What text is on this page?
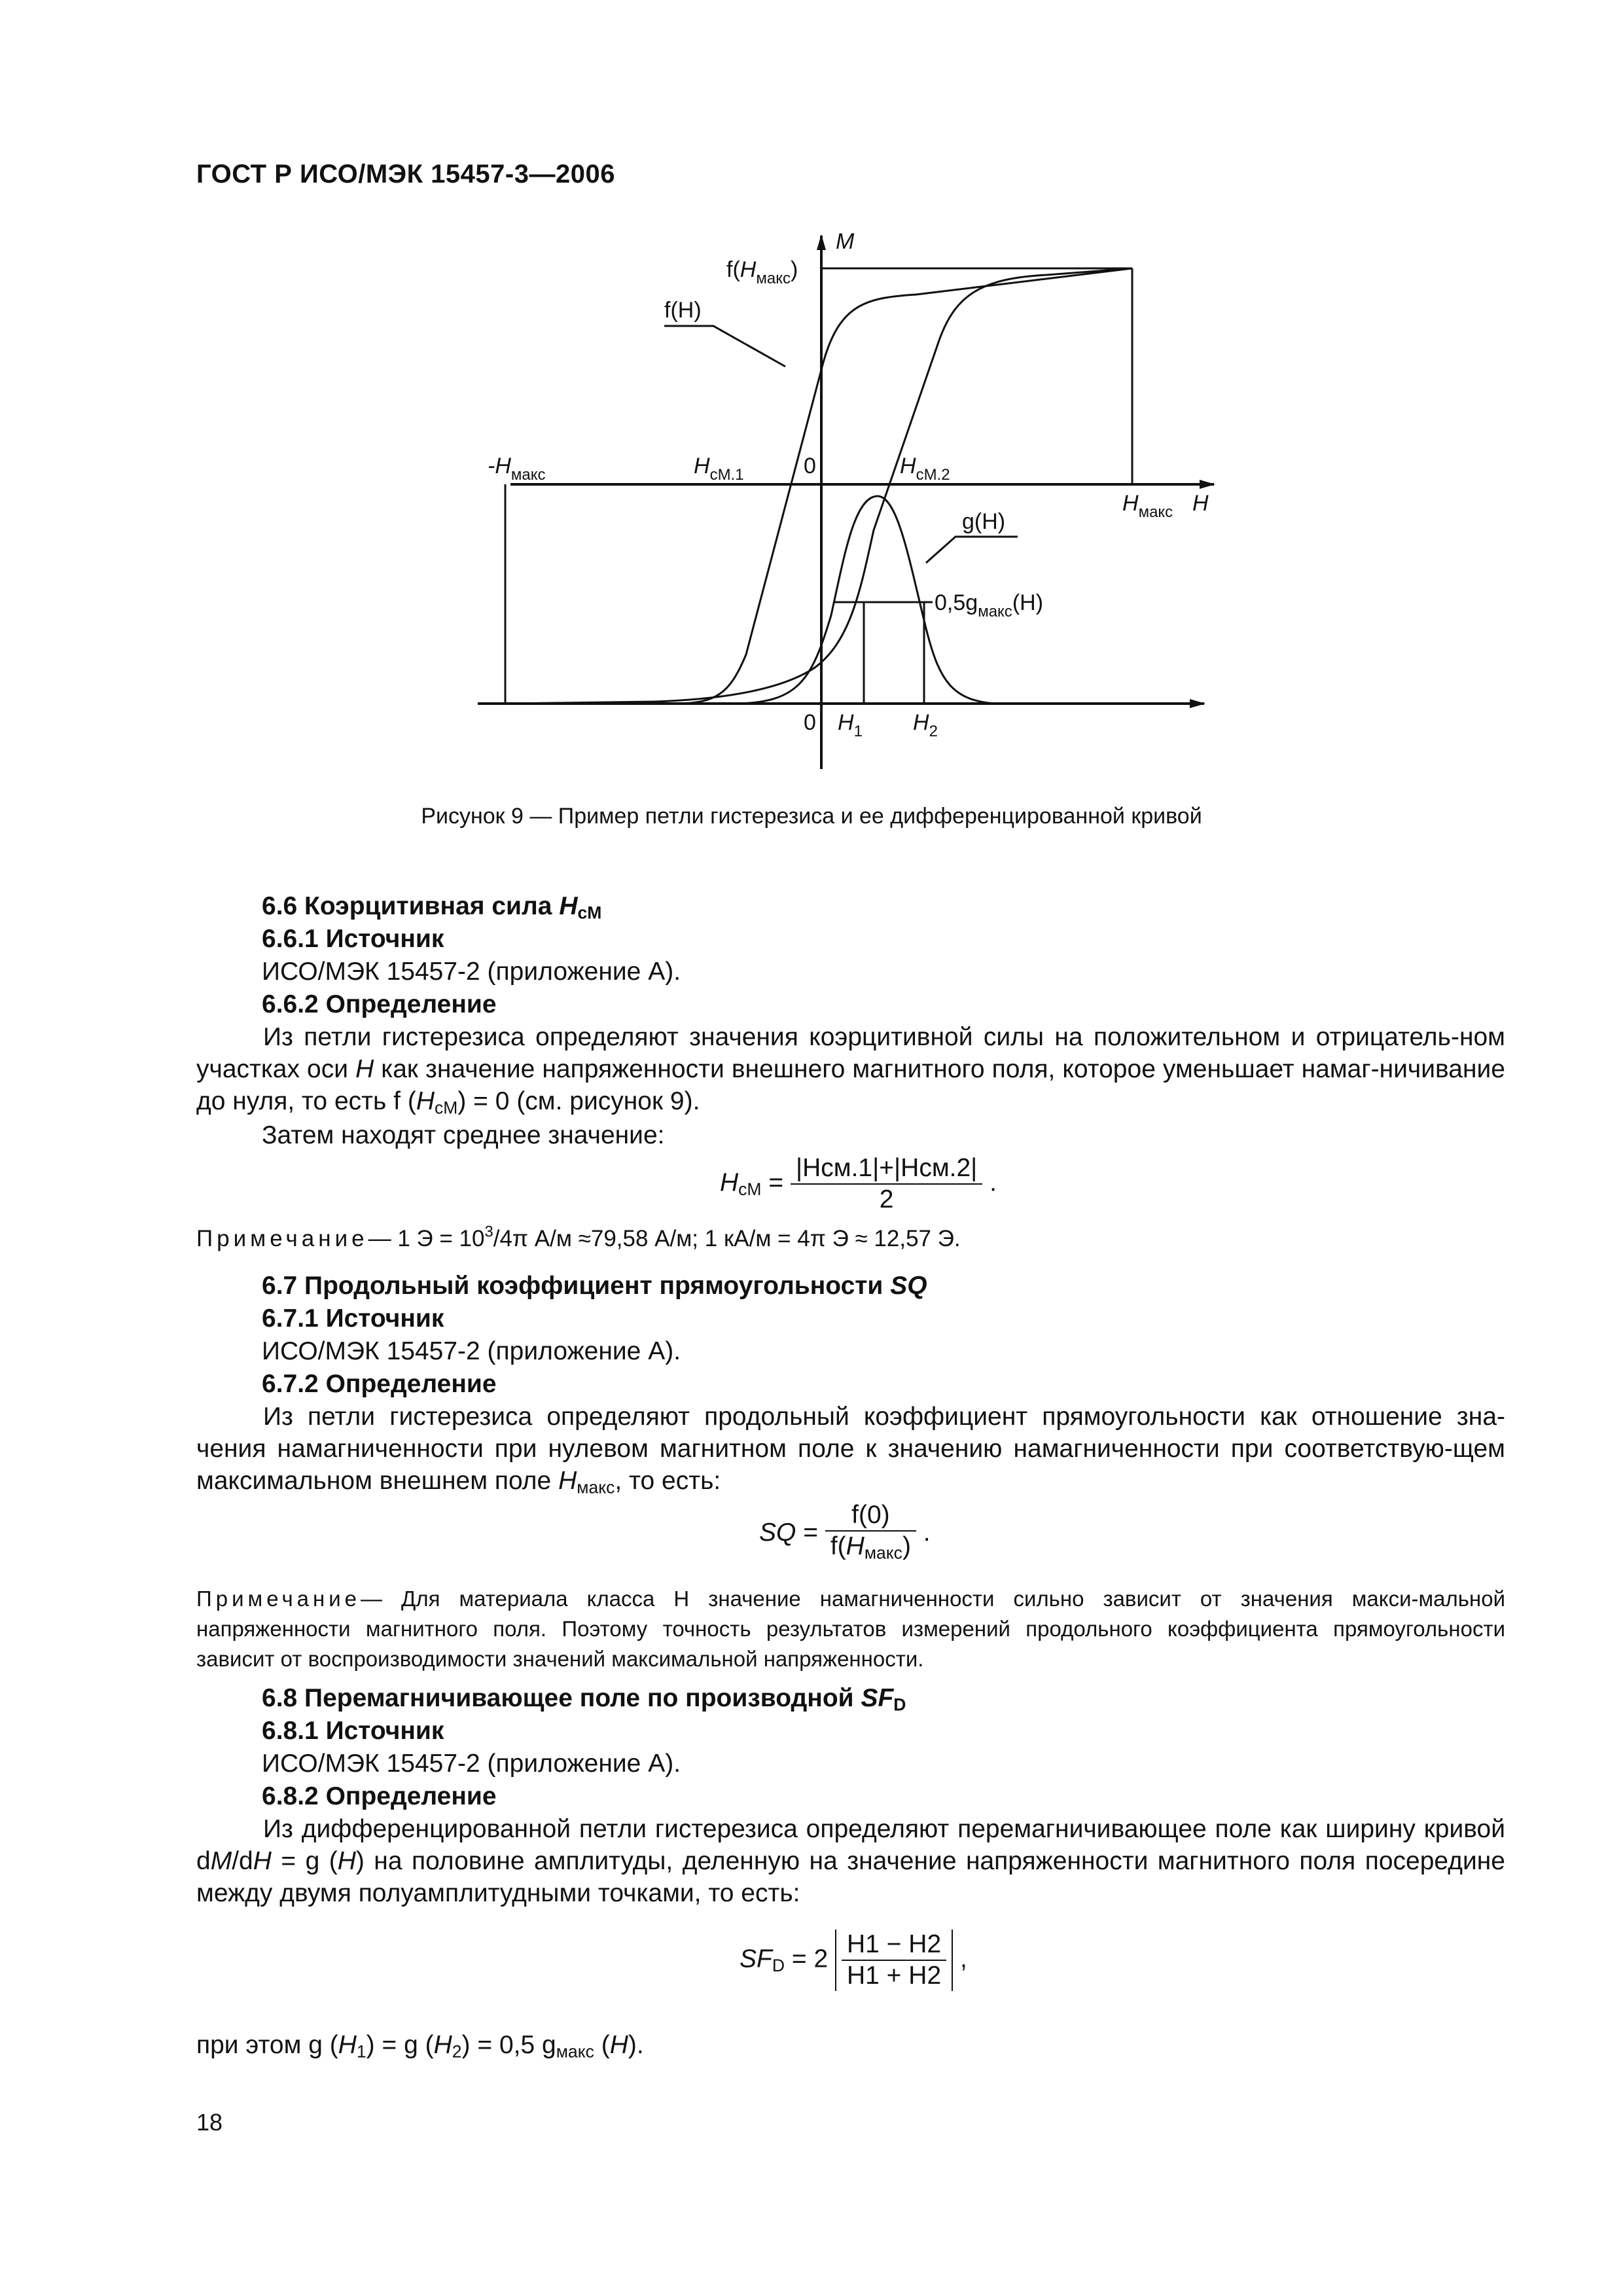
ГОСТ Р ИСО/МЭК 15457-3—2006
M
$f(H_{макс})$
f(H)
$-H_{макс}$	$H_{cM.1}$	0	$H_{cM.2}$
$H_{макс}$ H
g(H)
$0,5g_{макс}(H)$
0 $H_1$ $H_2$
Рисунок 9 — Пример петли гистерезиса и ее дифференцированной кривой
6.6 Коэрцитивная сила $H_{cM}$
6.6.1 Источник
ИСО/МЭК 15457-2 (приложение А).
6.6.2 Определение
Из петли гистерезиса определяют значения коэрцитивной силы на положительном и отрицатель-ном участках оси H как значение напряженности внешнего магнитного поля, которое уменьшает намаг-ничивание до нуля, то есть f $(H_{cM}) = 0$ (см. рисунок 9).
Затем находят среднее значение:
$H_{cM} = \frac{\text{|Hсм.1|+|Hсм.2|}}{2}$ .
Примечание— 1 $Э = 10^3/4\pi$ А/м ≈79,58 А/м; 1 кА/м = 4π Э ≈ 12,57 Э.
6.7 Продольный коэффициент прямоугольности SQ
6.7.1 Источник
ИСО/МЭК 15457-2 (приложение А).
6.7.2 Определение
Из петли гистерезиса определяют продольный коэффициент прямоугольности как отношение зна-чения намагниченности при нулевом магнитном поле к значению намагниченности при соответствую-щем максимальном внешнем поле $H_{макс}$, то есть:
SQ = $\frac{f(0)}{f(H_{макс})}$ .
Примечание— Для материала класса Н значение намагниченности сильно зависит от значения макси-мальной напряженности магнитного поля. Поэтому точность результатов измерений продольного коэффициента прямоугольности зависит от воспроизводимости значений максимальной напряженности.
6.8 Перемагничивающее поле по производной $SF_D$
6.8.1 Источник
ИСО/МЭК 15457-2 (приложение А).
6.8.2 Определение
Из дифференцированной петли гистерезиса определяют перемагничивающее поле как ширину кривой dM/dH = g (H) на половине амплитуды, деленную на значение напряженности магнитного поля посередине между двумя полуамплитудными точками, то есть:
$SF_D = 2 \frac{H1 - H2}{H1 + H2}$ ,
при этом g $(H_1) = g$ $(H_2) = 0,5$ $g_{макс}$ (H).
18
